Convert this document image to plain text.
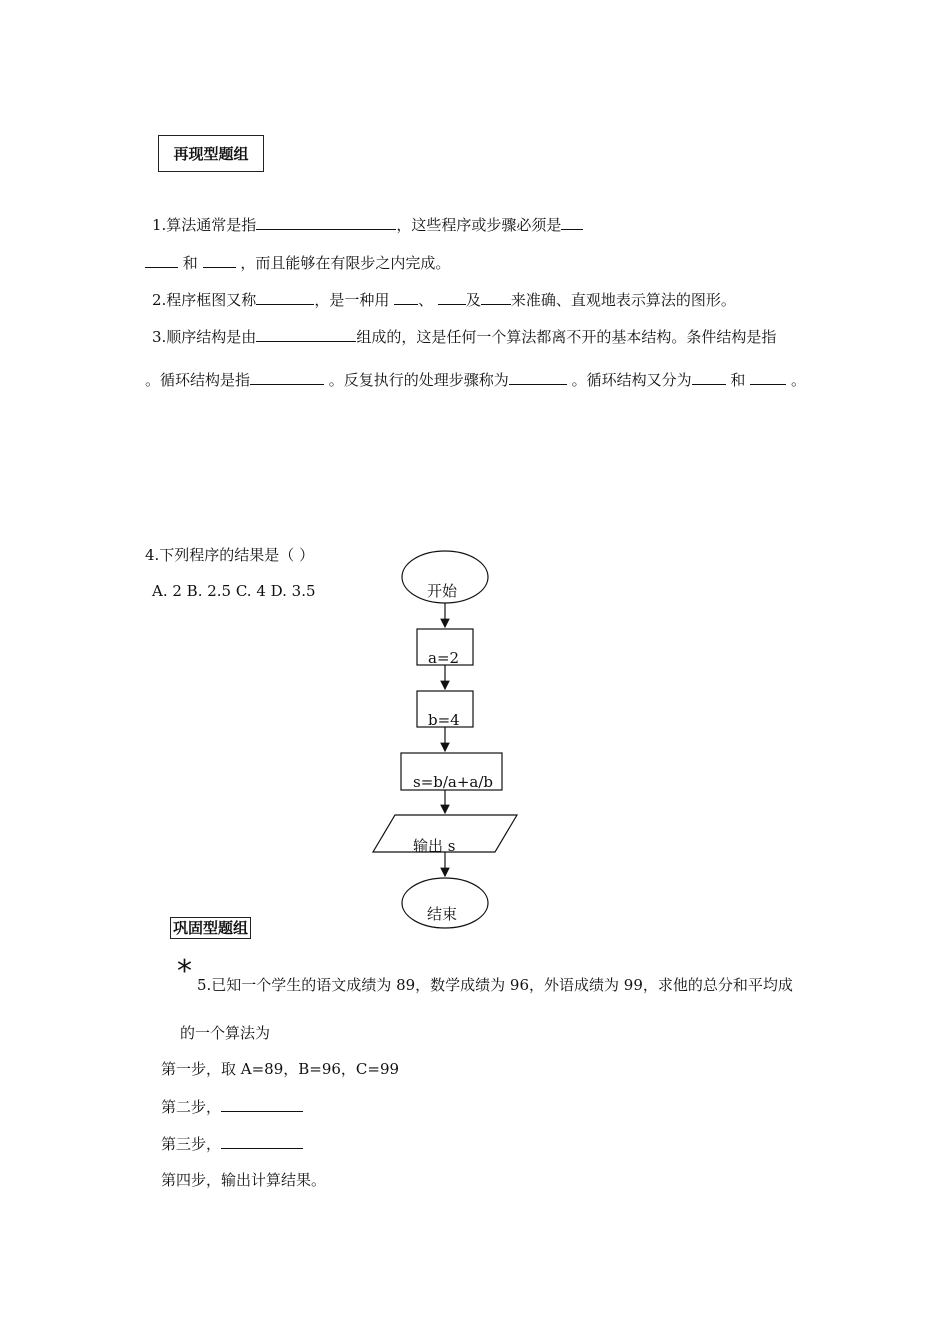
再现型题组
1.算法通常是指	，这些程序或步骤必须是
和	，而且能够在有限步之内完成。
2.程序框图又称	，是一种用 、 及 来准确、直观地表示算法的图形。
3.顺序结构是由	组成的，这是任何一个算法都离不开的基本结构。条件结构是指
。循环结构是指	。反复执行的处理步骤称为	。循环结构又分为	和	。
4.下列程序的结果是（ ）
A. 2 B. 2.5 C. 4 D. 3.5	开始
a=2
b=4
s=b/a+a/b
输出 s
结束
巩固型题组
* 5.已知一个学生的语文成绩为 89，数学成绩为 96，外语成绩为 99，求他的总分和平均成
的一个算法为
第一步，取 A=89，B=96，C=99
第二步，
第三步，
第四步，输出计算结果。
